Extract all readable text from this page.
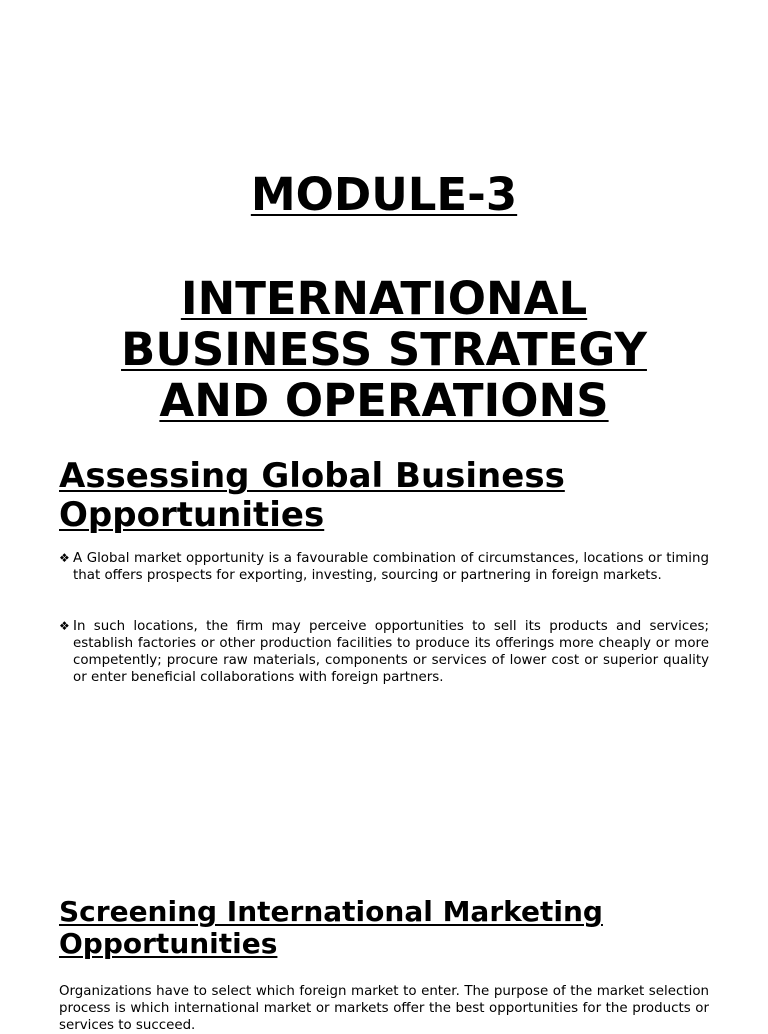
MODULE-3
INTERNATIONAL BUSINESS STRATEGY AND OPERATIONS
Assessing Global Business Opportunities
❖ A Global market opportunity is a favourable combination of circumstances, locations or timing that offers prospects for exporting, investing, sourcing or partnering in foreign markets.
❖ In such locations, the firm may perceive opportunities to sell its products and services; establish factories or other production facilities to produce its offerings more cheaply or more competently; procure raw materials, components or services of lower cost or superior quality or enter beneficial collaborations with foreign partners.
Screening International Marketing Opportunities

Organizations have to select which foreign market to enter. The purpose of the market selection process is which international market or markets offer the best opportunities for the products or services to succeed.
